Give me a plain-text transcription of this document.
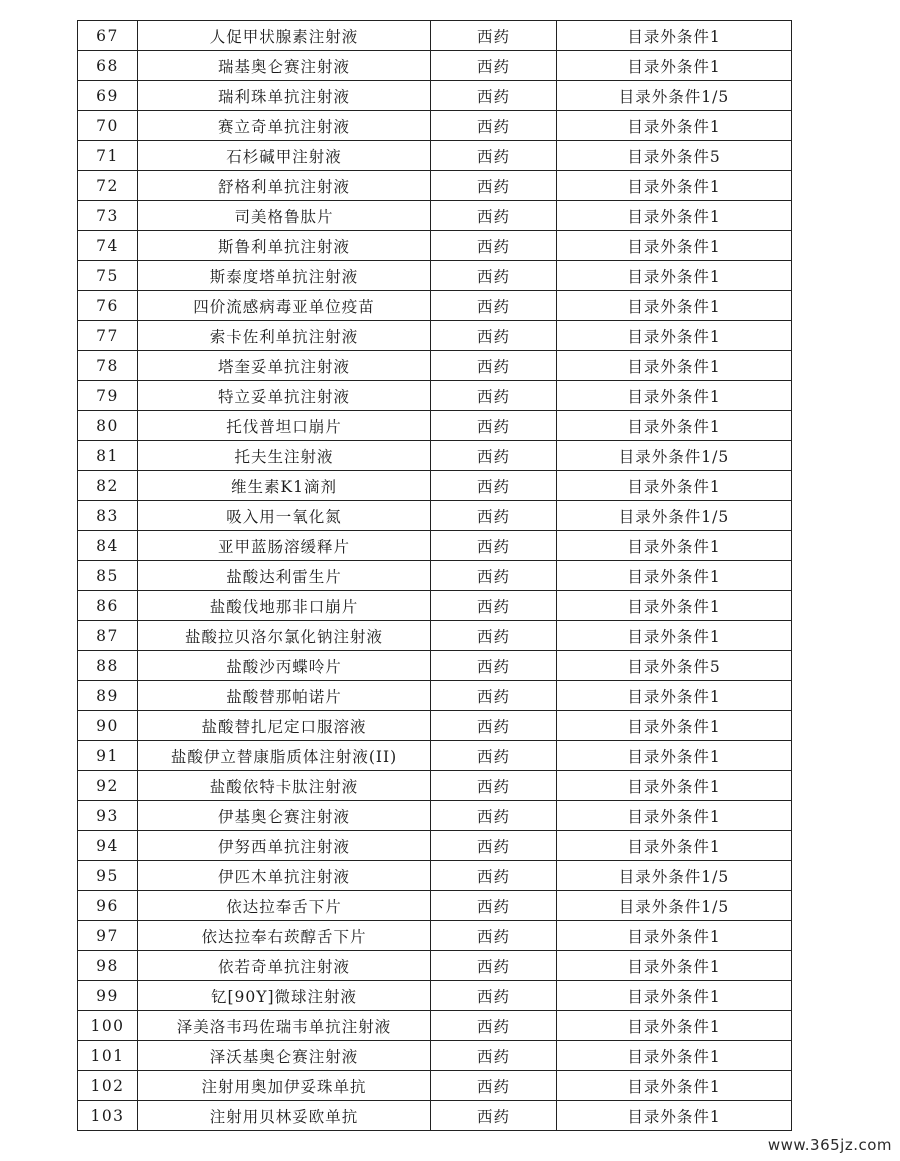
67	人促甲状腺素注射液	西药	目录外条件1
68	瑞基奥仑赛注射液	西药	目录外条件1
69	瑞利珠单抗注射液	西药	目录外条件1/5
70	赛立奇单抗注射液	西药	目录外条件1
71	石杉碱甲注射液	西药	目录外条件5
72	舒格利单抗注射液	西药	目录外条件1
73	司美格鲁肽片	西药	目录外条件1
74	斯鲁利单抗注射液	西药	目录外条件1
75	斯泰度塔单抗注射液	西药	目录外条件1
76	四价流感病毒亚单位疫苗	西药	目录外条件1
77	索卡佐利单抗注射液	西药	目录外条件1
78	塔奎妥单抗注射液	西药	目录外条件1
79	特立妥单抗注射液	西药	目录外条件1
80	托伐普坦口崩片	西药	目录外条件1
81	托夫生注射液	西药	目录外条件1/5
82	维生素K1滴剂	西药	目录外条件1
83	吸入用一氧化氮	西药	目录外条件1/5
84	亚甲蓝肠溶缓释片	西药	目录外条件1
85	盐酸达利雷生片	西药	目录外条件1
86	盐酸伐地那非口崩片	西药	目录外条件1
87	盐酸拉贝洛尔氯化钠注射液	西药	目录外条件1
88	盐酸沙丙蝶呤片	西药	目录外条件5
89	盐酸替那帕诺片	西药	目录外条件1
90	盐酸替扎尼定口服溶液	西药	目录外条件1
91	盐酸伊立替康脂质体注射液(II)	西药	目录外条件1
92	盐酸依特卡肽注射液	西药	目录外条件1
93	伊基奥仑赛注射液	西药	目录外条件1
94	伊努西单抗注射液	西药	目录外条件1
95	伊匹木单抗注射液	西药	目录外条件1/5
96	依达拉奉舌下片	西药	目录外条件1/5
97	依达拉奉右莰醇舌下片	西药	目录外条件1
98	依若奇单抗注射液	西药	目录外条件1
99	钇[90Y]微球注射液	西药	目录外条件1
100	泽美洛韦玛佐瑞韦单抗注射液	西药	目录外条件1
101	泽沃基奥仑赛注射液	西药	目录外条件1
102	注射用奥加伊妥珠单抗	西药	目录外条件1
103	注射用贝林妥欧单抗	西药	目录外条件1
www.365jz.com
